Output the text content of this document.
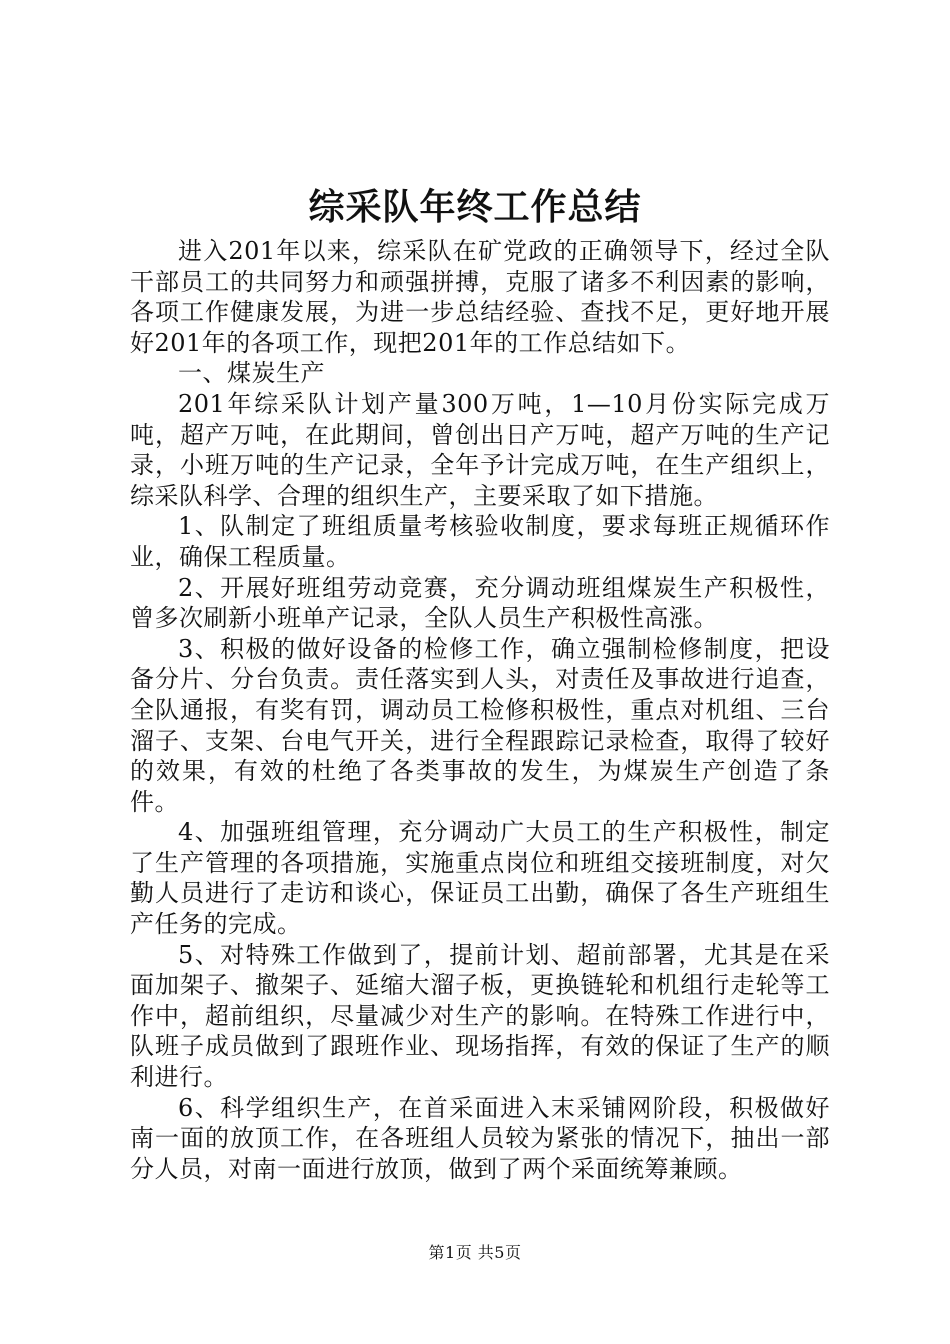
综采队年终工作总结

进入201年以来，综采队在矿党政的正确领导下，经过全队干部员工的共同努力和顽强拼搏，克服了诸多不利因素的影响，各项工作健康发展，为进一步总结经验、查找不足，更好地开展好201年的各项工作，现把201年的工作总结如下。

一、煤炭生产

201年综采队计划产量300万吨，1—10月份实际完成万吨，超产万吨，在此期间，曾创出日产万吨，超产万吨的生产记录，小班万吨的生产记录，全年予计完成万吨，在生产组织上，综采队科学、合理的组织生产，主要采取了如下措施。

1、队制定了班组质量考核验收制度，要求每班正规循环作业，确保工程质量。

2、开展好班组劳动竞赛，充分调动班组煤炭生产积极性，曾多次刷新小班单产记录，全队人员生产积极性高涨。

3、积极的做好设备的检修工作，确立强制检修制度，把设备分片、分台负责。责任落实到人头，对责任及事故进行追查，全队通报，有奖有罚，调动员工检修积极性，重点对机组、三台溜子、支架、台电气开关，进行全程跟踪记录检查，取得了较好的效果，有效的杜绝了各类事故的发生，为煤炭生产创造了条件。

4、加强班组管理，充分调动广大员工的生产积极性，制定了生产管理的各项措施，实施重点岗位和班组交接班制度，对欠勤人员进行了走访和谈心，保证员工出勤，确保了各生产班组生产任务的完成。

5、对特殊工作做到了，提前计划、超前部署，尤其是在采面加架子、撤架子、延缩大溜子板，更换链轮和机组行走轮等工作中，超前组织，尽量减少对生产的影响。在特殊工作进行中，队班子成员做到了跟班作业、现场指挥，有效的保证了生产的顺利进行。

6、科学组织生产，在首采面进入末采铺网阶段，积极做好南一面的放顶工作，在各班组人员较为紧张的情况下，抽出一部分人员，对南一面进行放顶，做到了两个采面统筹兼顾。

第1页 共5页
